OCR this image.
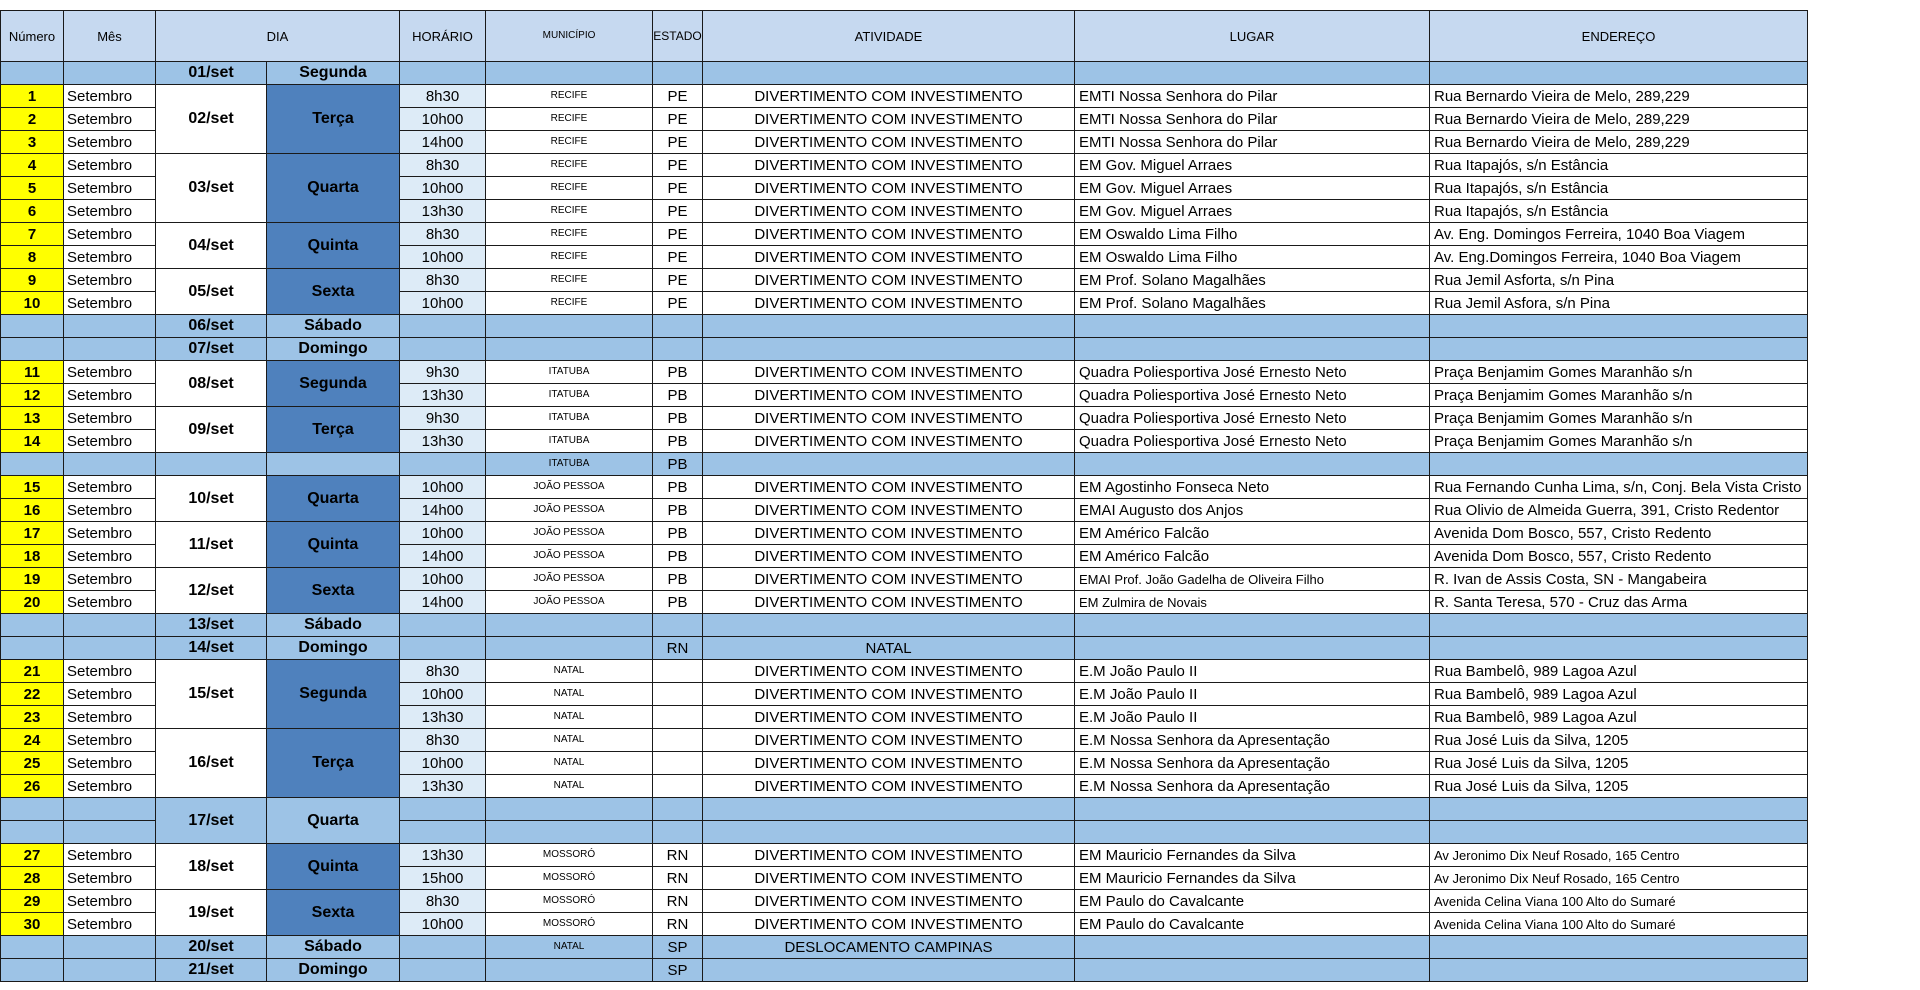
Número	Mês	DIA		HORÁRIO	MUNICÍPIO	ESTADO	ATIVIDADE	LUGAR	ENDEREÇO
		01/set	Segunda						
1	Setembro	02/set	Terça	8h30	RECIFE	PE	DIVERTIMENTO COM INVESTIMENTO	EMTI Nossa Senhora do Pilar	Rua Bernardo Vieira de Melo, 289,229
2	Setembro			10h00	RECIFE	PE	DIVERTIMENTO COM INVESTIMENTO	EMTI Nossa Senhora do Pilar	Rua Bernardo Vieira de Melo, 289,229
3	Setembro			14h00	RECIFE	PE	DIVERTIMENTO COM INVESTIMENTO	EMTI Nossa Senhora do Pilar	Rua Bernardo Vieira de Melo, 289,229
4	Setembro	03/set	Quarta	8h30	RECIFE	PE	DIVERTIMENTO COM INVESTIMENTO	EM Gov. Miguel Arraes	Rua Itapajós, s/n Estância
5	Setembro			10h00	RECIFE	PE	DIVERTIMENTO COM INVESTIMENTO	EM Gov. Miguel Arraes	Rua Itapajós, s/n Estância
6	Setembro			13h30	RECIFE	PE	DIVERTIMENTO COM INVESTIMENTO	EM Gov. Miguel Arraes	Rua Itapajós, s/n Estância
7	Setembro	04/set	Quinta	8h30	RECIFE	PE	DIVERTIMENTO COM INVESTIMENTO	EM Oswaldo Lima Filho	Av. Eng. Domingos Ferreira, 1040 Boa Viagem
8	Setembro			10h00	RECIFE	PE	DIVERTIMENTO COM INVESTIMENTO	EM Oswaldo Lima Filho	Av. Eng.Domingos Ferreira, 1040 Boa Viagem
9	Setembro	05/set	Sexta	8h30	RECIFE	PE	DIVERTIMENTO COM INVESTIMENTO	EM Prof. Solano Magalhães	Rua Jemil Asforta, s/n Pina
10	Setembro			10h00	RECIFE	PE	DIVERTIMENTO COM INVESTIMENTO	EM Prof. Solano Magalhães	Rua Jemil Asfora, s/n Pina
		06/set	Sábado						
		07/set	Domingo						
11	Setembro	08/set	Segunda	9h30	ITATUBA	PB	DIVERTIMENTO COM INVESTIMENTO	Quadra Poliesportiva José Ernesto Neto	Praça Benjamim Gomes Maranhão s/n
12	Setembro			13h30	ITATUBA	PB	DIVERTIMENTO COM INVESTIMENTO	Quadra Poliesportiva José Ernesto Neto	Praça Benjamim Gomes Maranhão s/n
13	Setembro	09/set	Terça	9h30	ITATUBA	PB	DIVERTIMENTO COM INVESTIMENTO	Quadra Poliesportiva José Ernesto Neto	Praça Benjamim Gomes Maranhão s/n
14	Setembro			13h30	ITATUBA	PB	DIVERTIMENTO COM INVESTIMENTO	Quadra Poliesportiva José Ernesto Neto	Praça Benjamim Gomes Maranhão s/n
					ITATUBA	PB			
15	Setembro	10/set	Quarta	10h00	JOÃO PESSOA	PB	DIVERTIMENTO COM INVESTIMENTO	EM Agostinho Fonseca Neto	Rua Fernando Cunha Lima, s/n, Conj. Bela Vista Cristo
16	Setembro			14h00	JOÃO PESSOA	PB	DIVERTIMENTO COM INVESTIMENTO	EMAI Augusto dos Anjos	Rua Olivio de Almeida Guerra, 391, Cristo Redentor
17	Setembro	11/set	Quinta	10h00	JOÃO PESSOA	PB	DIVERTIMENTO COM INVESTIMENTO	EM Américo Falcão	Avenida Dom Bosco, 557, Cristo Redento
18	Setembro			14h00	JOÃO PESSOA	PB	DIVERTIMENTO COM INVESTIMENTO	EM Américo Falcão	Avenida Dom Bosco, 557, Cristo Redento
19	Setembro	12/set	Sexta	10h00	JOÃO PESSOA	PB	DIVERTIMENTO COM INVESTIMENTO	EMAI Prof. João Gadelha de Oliveira Filho	R. Ivan de Assis Costa, SN - Mangabeira
20	Setembro			14h00	JOÃO PESSOA	PB	DIVERTIMENTO COM INVESTIMENTO	EM Zulmira de Novais	R. Santa Teresa, 570 - Cruz das Arma
		13/set	Sábado						
		14/set	Domingo			RN	NATAL		
21	Setembro	15/set	Segunda	8h30	NATAL		DIVERTIMENTO COM INVESTIMENTO	E.M João Paulo II	Rua Bambelô, 989 Lagoa Azul
22	Setembro			10h00	NATAL		DIVERTIMENTO COM INVESTIMENTO	E.M João Paulo II	Rua Bambelô, 989 Lagoa Azul
23	Setembro			13h30	NATAL		DIVERTIMENTO COM INVESTIMENTO	E.M João Paulo II	Rua Bambelô, 989 Lagoa Azul
24	Setembro	16/set	Terça	8h30	NATAL		DIVERTIMENTO COM INVESTIMENTO	E.M Nossa Senhora da Apresentação	Rua José Luis da Silva, 1205
25	Setembro			10h00	NATAL		DIVERTIMENTO COM INVESTIMENTO	E.M Nossa Senhora da Apresentação	Rua José Luis da Silva, 1205
26	Setembro			13h30	NATAL		DIVERTIMENTO COM INVESTIMENTO	E.M Nossa Senhora da Apresentação	Rua José Luis da Silva, 1205
		17/set	Quarta						

27	Setembro	18/set	Quinta	13h30	MOSSORÓ	RN	DIVERTIMENTO COM INVESTIMENTO	EM Mauricio Fernandes da Silva	Av Jeronimo Dix Neuf Rosado, 165 Centro
28	Setembro			15h00	MOSSORÓ	RN	DIVERTIMENTO COM INVESTIMENTO	EM Mauricio Fernandes da Silva	Av Jeronimo Dix Neuf Rosado, 165 Centro
29	Setembro	19/set	Sexta	8h30	MOSSORÓ	RN	DIVERTIMENTO COM INVESTIMENTO	EM Paulo do Cavalcante	Avenida Celina Viana 100 Alto do Sumaré
30	Setembro			10h00	MOSSORÓ	RN	DIVERTIMENTO COM INVESTIMENTO	EM Paulo do Cavalcante	Avenida Celina Viana 100 Alto do Sumaré
		20/set	Sábado		NATAL	SP	DESLOCAMENTO CAMPINAS		
		21/set	Domingo			SP			
